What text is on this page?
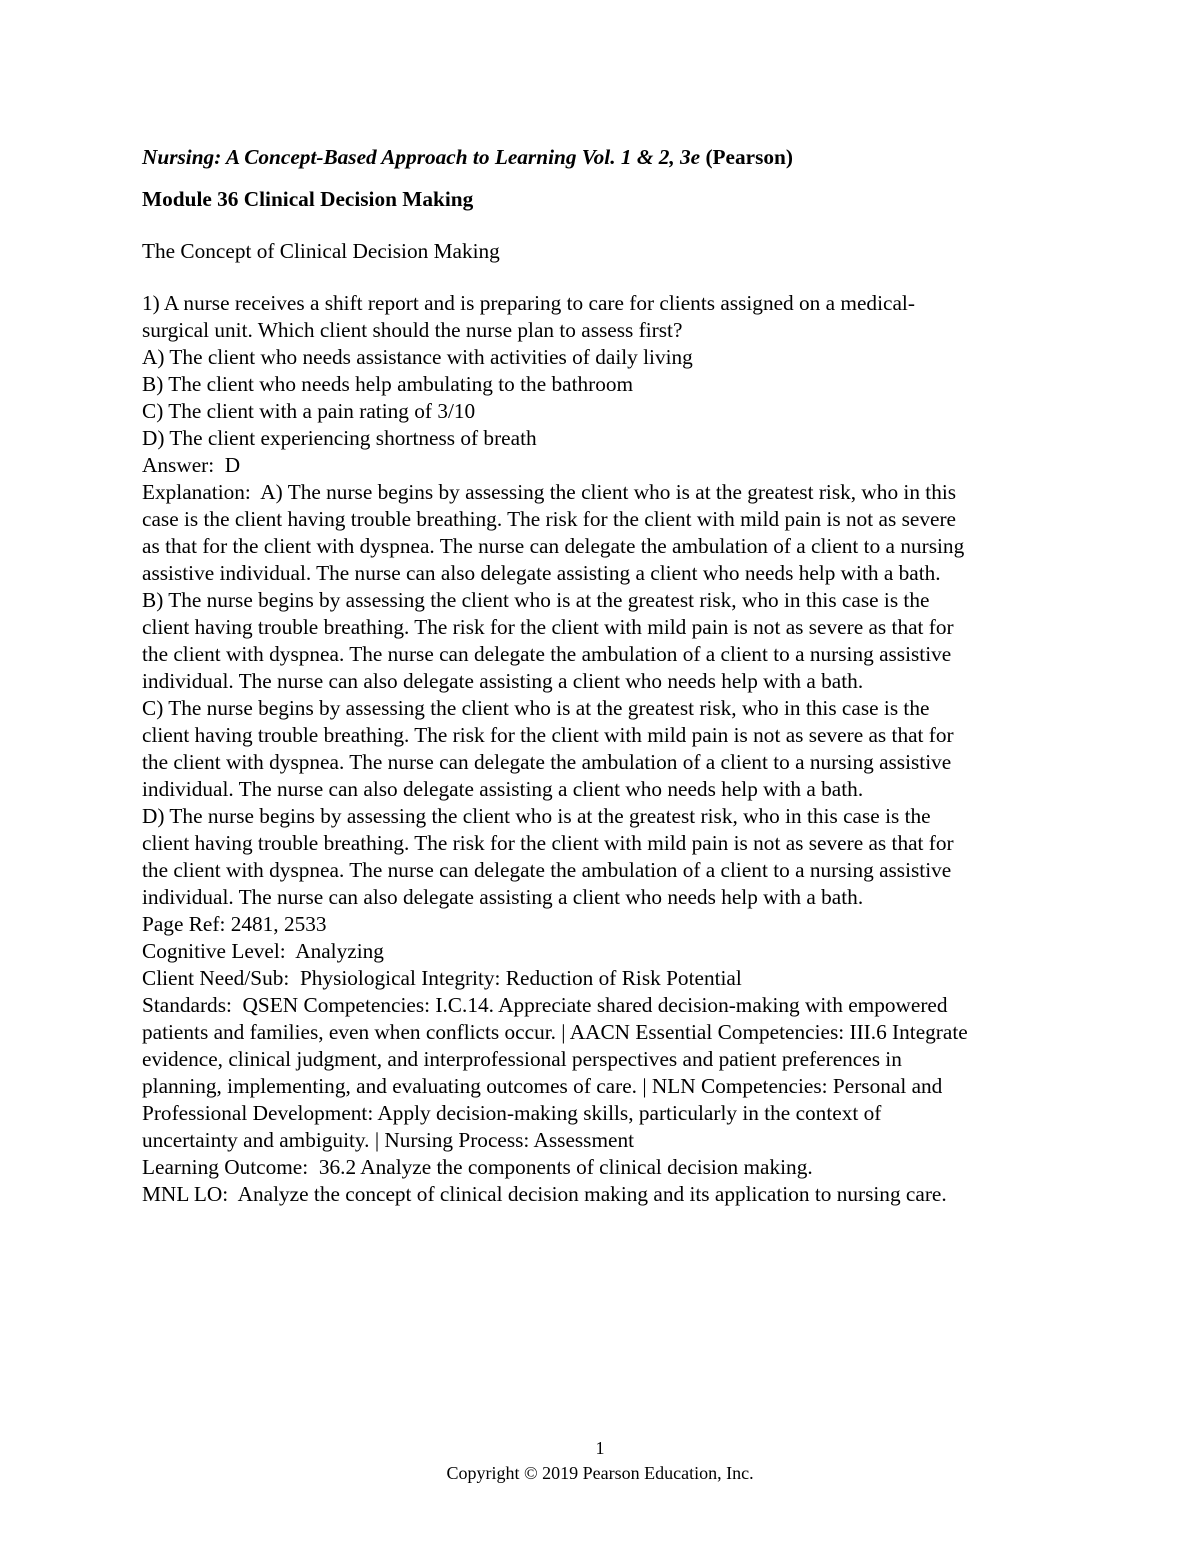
Nursing: A Concept-Based Approach to Learning Vol. 1 & 2, 3e (Pearson)
Module 36 Clinical Decision Making
The Concept of Clinical Decision Making
1) A nurse receives a shift report and is preparing to care for clients assigned on a medical-
surgical unit. Which client should the nurse plan to assess first?
A) The client who needs assistance with activities of daily living
B) The client who needs help ambulating to the bathroom
C) The client with a pain rating of 3/10
D) The client experiencing shortness of breath
Answer:  D
Explanation:  A) The nurse begins by assessing the client who is at the greatest risk, who in this
case is the client having trouble breathing. The risk for the client with mild pain is not as severe
as that for the client with dyspnea. The nurse can delegate the ambulation of a client to a nursing
assistive individual. The nurse can also delegate assisting a client who needs help with a bath.
B) The nurse begins by assessing the client who is at the greatest risk, who in this case is the
client having trouble breathing. The risk for the client with mild pain is not as severe as that for
the client with dyspnea. The nurse can delegate the ambulation of a client to a nursing assistive
individual. The nurse can also delegate assisting a client who needs help with a bath.
C) The nurse begins by assessing the client who is at the greatest risk, who in this case is the
client having trouble breathing. The risk for the client with mild pain is not as severe as that for
the client with dyspnea. The nurse can delegate the ambulation of a client to a nursing assistive
individual. The nurse can also delegate assisting a client who needs help with a bath.
D) The nurse begins by assessing the client who is at the greatest risk, who in this case is the
client having trouble breathing. The risk for the client with mild pain is not as severe as that for
the client with dyspnea. The nurse can delegate the ambulation of a client to a nursing assistive
individual. The nurse can also delegate assisting a client who needs help with a bath.
Page Ref: 2481, 2533
Cognitive Level:  Analyzing
Client Need/Sub:  Physiological Integrity: Reduction of Risk Potential
Standards:  QSEN Competencies: I.C.14. Appreciate shared decision-making with empowered
patients and families, even when conflicts occur. | AACN Essential Competencies: III.6 Integrate
evidence, clinical judgment, and interprofessional perspectives and patient preferences in
planning, implementing, and evaluating outcomes of care. | NLN Competencies: Personal and
Professional Development: Apply decision-making skills, particularly in the context of
uncertainty and ambiguity. | Nursing Process: Assessment
Learning Outcome:  36.2 Analyze the components of clinical decision making.
MNL LO:  Analyze the concept of clinical decision making and its application to nursing care.
1
Copyright © 2019 Pearson Education, Inc.
